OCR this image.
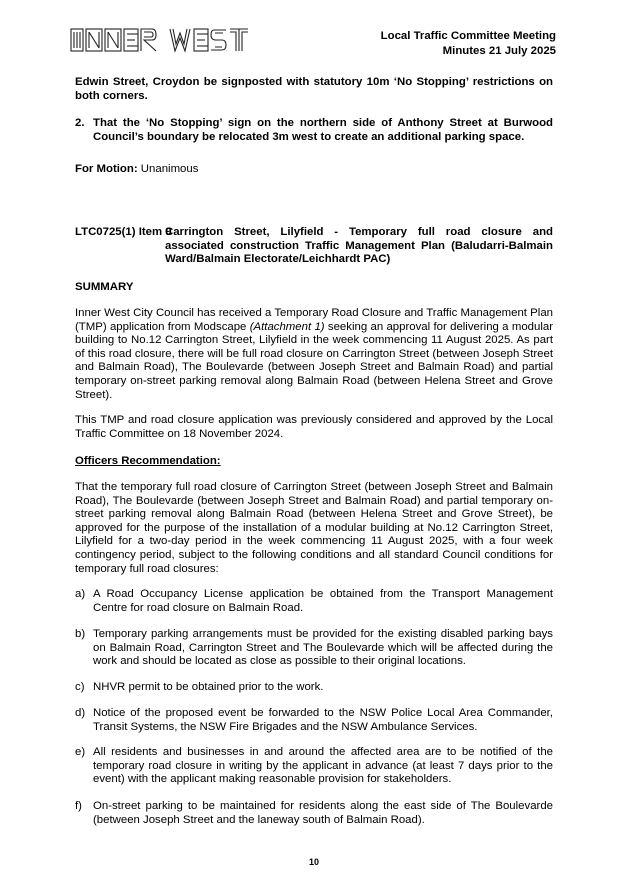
Local Traffic Committee Meeting
Minutes 21 July 2025
Edwin Street, Croydon be signposted with statutory 10m ‘No Stopping’ restrictions on both corners.
2. That the ‘No Stopping’ sign on the northern side of Anthony Street at Burwood Council’s boundary be relocated 3m west to create an additional parking space.
For Motion: Unanimous
LTC0725(1) Item 9
Carrington Street, Lilyfield - Temporary full road closure and associated construction Traffic Management Plan (Baludarri-Balmain Ward/Balmain Electorate/Leichhardt PAC)
SUMMARY
Inner West City Council has received a Temporary Road Closure and Traffic Management Plan (TMP) application from Modscape (Attachment 1) seeking an approval for delivering a modular building to No.12 Carrington Street, Lilyfield in the week commencing 11 August 2025. As part of this road closure, there will be full road closure on Carrington Street (between Joseph Street and Balmain Road), The Boulevarde (between Joseph Street and Balmain Road) and partial temporary on-street parking removal along Balmain Road (between Helena Street and Grove Street).
This TMP and road closure application was previously considered and approved by the Local Traffic Committee on 18 November 2024.
Officers Recommendation:
That the temporary full road closure of Carrington Street (between Joseph Street and Balmain Road), The Boulevarde (between Joseph Street and Balmain Road) and partial temporary on-street parking removal along Balmain Road (between Helena Street and Grove Street), be approved for the purpose of the installation of a modular building at No.12 Carrington Street, Lilyfield for a two-day period in the week commencing 11 August 2025, with a four week contingency period, subject to the following conditions and all standard Council conditions for temporary full road closures:
a) A Road Occupancy License application be obtained from the Transport Management Centre for road closure on Balmain Road.
b) Temporary parking arrangements must be provided for the existing disabled parking bays on Balmain Road, Carrington Street and The Boulevarde which will be affected during the work and should be located as close as possible to their original locations.
c) NHVR permit to be obtained prior to the work.
d) Notice of the proposed event be forwarded to the NSW Police Local Area Commander, Transit Systems, the NSW Fire Brigades and the NSW Ambulance Services.
e) All residents and businesses in and around the affected area are to be notified of the temporary road closure in writing by the applicant in advance (at least 7 days prior to the event) with the applicant making reasonable provision for stakeholders.
f) On-street parking to be maintained for residents along the east side of The Boulevarde (between Joseph Street and the laneway south of Balmain Road).
10
